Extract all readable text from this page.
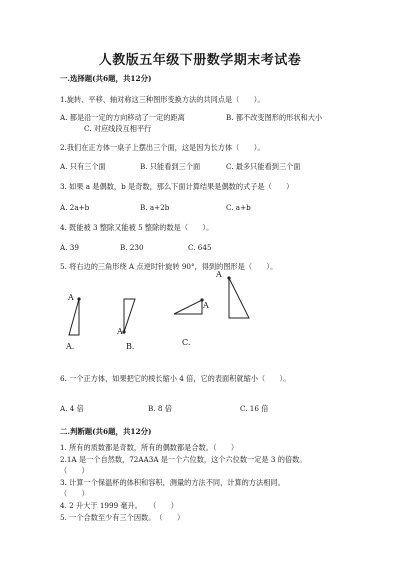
人教版五年级下册数学期末考试卷
一.选择题(共6题，共12分)
1.旋转、平移、轴对称这三种图形变换方法的共同点是（　　）。
A. 都是沿一定的方向移动了一定的距离	B. 都不改变图形的形状和大小
C. 对应线段互相平行
2.我们在正方体一桌子上摆出三个面，这是因为长方体（　　）。
A. 只有三个面	B. 只能看到三个面	C. 最多只能看到三个面
3. 如果 a 是偶数，b 是奇数，那么下面计算结果是偶数的式子是（　　）
A. 2a+b	B. a+2b	C. a+b
4. 既能被 3 整除又能被 5 整除的数是（　　）。
A. 39	B. 230	C. 645
5. 将右边的三角形绕 A 点逆时针旋转 90°，得到的图形是（　　）。
A
A
A.
A
B.
A
C.
6. 一个正方体，如果把它的棱长缩小 4 倍，它的表面积就缩小（　　）。
A. 4 倍	B. 8 倍	C. 16 倍
二.判断题(共6题，共12分)
1. 所有的质数都是奇数，所有的偶数都是合数。（　　）
2.1A 是一个自然数，72AA3A 是一个六位数，这个六位数一定是 3 的倍数。
（　　）
3. 计算一个保温杯的体积和容积，测量的方法不同，计算的方法相同。
（　　）
4. 2 升大于 1999 毫升。　　（　　）
5. 一个合数至少有三个因数。　（　　）
